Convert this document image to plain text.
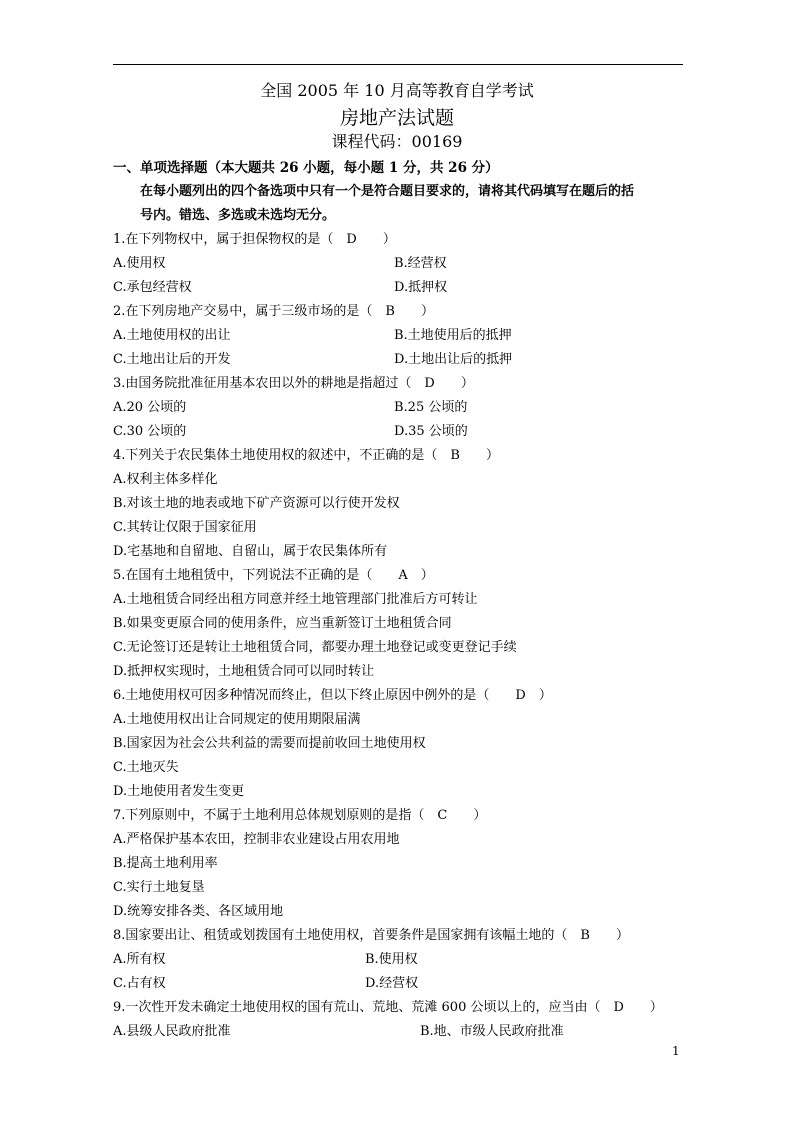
全国 2005 年 10 月高等教育自学考试
房地产法试题
课程代码：00169
一、单项选择题（本大题共 26 小题，每小题 1 分，共 26 分）
在每小题列出的四个备选项中只有一个是符合题目要求的，请将其代码填写在题后的括
号内。错选、多选或未选均无分。
1.在下列物权中，属于担保物权的是（　D　　）
A.使用权	B.经营权
C.承包经营权	D.抵押权
2.在下列房地产交易中，属于三级市场的是（　B　　）
A.土地使用权的出让	B.土地使用后的抵押
C.土地出让后的开发	D.土地出让后的抵押
3.由国务院批准征用基本农田以外的耕地是指超过（　D　　）
A.20 公顷的	B.25 公顷的
C.30 公顷的	D.35 公顷的
4.下列关于农民集体土地使用权的叙述中，不正确的是（　B　　）
A.权利主体多样化
B.对该土地的地表或地下矿产资源可以行使开发权
C.其转让仅限于国家征用
D.宅基地和自留地、自留山，属于农民集体所有
5.在国有土地租赁中，下列说法不正确的是（　　A　）
A.土地租赁合同经出租方同意并经土地管理部门批准后方可转让
B.如果变更原合同的使用条件，应当重新签订土地租赁合同
C.无论签订还是转让土地租赁合同，都要办理土地登记或变更登记手续
D.抵押权实现时，土地租赁合同可以同时转让
6.土地使用权可因多种情况而终止，但以下终止原因中例外的是（　　D　）
A.土地使用权出让合同规定的使用期限届满
B.国家因为社会公共利益的需要而提前收回土地使用权
C.土地灭失
D.土地使用者发生变更
7.下列原则中，不属于土地利用总体规划原则的是指（　C　　）
A.严格保护基本农田，控制非农业建设占用农用地
B.提高土地利用率
C.实行土地复垦
D.统筹安排各类、各区域用地
8.国家要出让、租赁或划拨国有土地使用权，首要条件是国家拥有该幅土地的（　B　　）
A.所有权	B.使用权
C.占有权	D.经营权
9.一次性开发未确定土地使用权的国有荒山、荒地、荒滩 600 公顷以上的，应当由（　D　　）
A.县级人民政府批准	B.地、市级人民政府批准
1
